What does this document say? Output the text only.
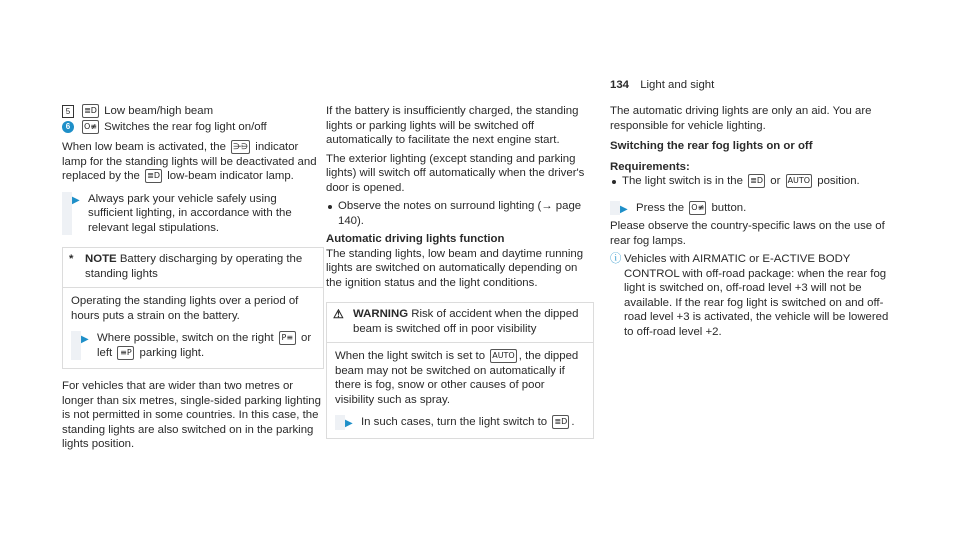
134 Light and sight

5 ≣D Low beam/high beam

6 O≢ Switches the rear fog light on/off

When low beam is activated, the ⋺⋻ indicator lamp for the standing lights will be deactivated and replaced by the ≣D low-beam indicator lamp.

▶ Always park your vehicle safely using sufficient lighting, in accordance with the relevant legal stipulations.
* NOTE Battery discharging by operating the standing lights

Operating the standing lights over a period of hours puts a strain on the battery.

▶ Where possible, switch on the right P≡ or left ≡P parking light.

For vehicles that are wider than two metres or longer than six metres, single-sided parking lighting is not permitted in some countries. In this case, the standing lights are also switched on in the parking lights position.

If the battery is insufficiently charged, the standing lights or parking lights will be switched off automatically to facilitate the next engine start.

The exterior lighting (except standing and parking lights) will switch off automatically when the driver's door is opened.

Observe the notes on surround lighting (→ page 140).

Automatic driving lights function

The standing lights, low beam and daytime running lights are switched on automatically depending on the ignition status and the light conditions.

⚠ WARNING Risk of accident when the dipped beam is switched off in poor visibility

When the light switch is set to AUTO , the dipped beam may not be switched on automatically if there is fog, snow or other causes of poor visibility such as spray.

▶ In such cases, turn the light switch to ≣D .

The automatic driving lights are only an aid. You are responsible for vehicle lighting.

Switching the rear fog lights on or off

Requirements:

The light switch is in the ≣D or AUTO position.

▶ Press the O≢ button.

Please observe the country-specific laws on the use of rear fog lamps.

ⓘ Vehicles with AIRMATIC or E-ACTIVE BODY CONTROL with off-road package: when the rear fog light is switched on, off-road level +3 will not be available. If the rear fog light is switched on and off-road level +3 is activated, the vehicle will be lowered to off-road level +2.
